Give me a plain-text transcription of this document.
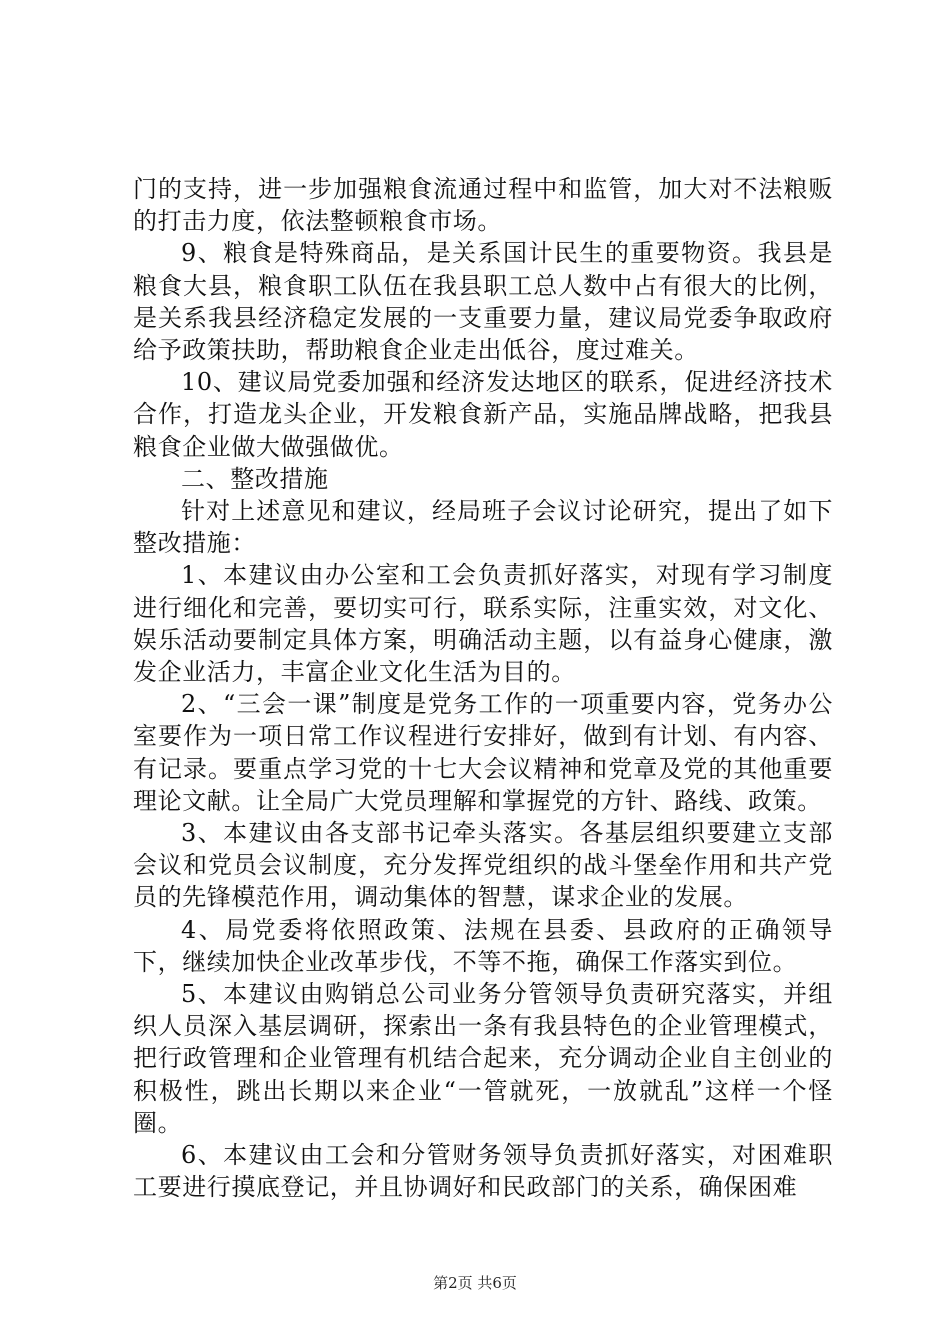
门的支持，进一步加强粮食流通过程中和监管，加大对不法粮贩的打击力度，依法整顿粮食市场。

9、粮食是特殊商品，是关系国计民生的重要物资。我县是粮食大县，粮食职工队伍在我县职工总人数中占有很大的比例，是关系我县经济稳定发展的一支重要力量，建议局党委争取政府给予政策扶助，帮助粮食企业走出低谷，度过难关。

10、建议局党委加强和经济发达地区的联系，促进经济技术合作，打造龙头企业，开发粮食新产品，实施品牌战略，把我县粮食企业做大做强做优。

二、整改措施

针对上述意见和建议，经局班子会议讨论研究，提出了如下整改措施：

1、本建议由办公室和工会负责抓好落实，对现有学习制度进行细化和完善，要切实可行，联系实际，注重实效，对文化、娱乐活动要制定具体方案，明确活动主题，以有益身心健康，激发企业活力，丰富企业文化生活为目的。

2、“三会一课”制度是党务工作的一项重要内容，党务办公室要作为一项日常工作议程进行安排好，做到有计划、有内容、有记录。要重点学习党的十七大会议精神和党章及党的其他重要理论文献。让全局广大党员理解和掌握党的方针、路线、政策。

3、本建议由各支部书记牵头落实。各基层组织要建立支部会议和党员会议制度，充分发挥党组织的战斗堡垒作用和共产党员的先锋模范作用，调动集体的智慧，谋求企业的发展。

4、局党委将依照政策、法规在县委、县政府的正确领导下，继续加快企业改革步伐，不等不拖，确保工作落实到位。

5、本建议由购销总公司业务分管领导负责研究落实，并组织人员深入基层调研，探索出一条有我县特色的企业管理模式，把行政管理和企业管理有机结合起来，充分调动企业自主创业的积极性，跳出长期以来企业“一管就死，一放就乱”这样一个怪圈。

6、本建议由工会和分管财务领导负责抓好落实，对困难职工要进行摸底登记，并且协调好和民政部门的关系，确保困难

第2页 共6页
